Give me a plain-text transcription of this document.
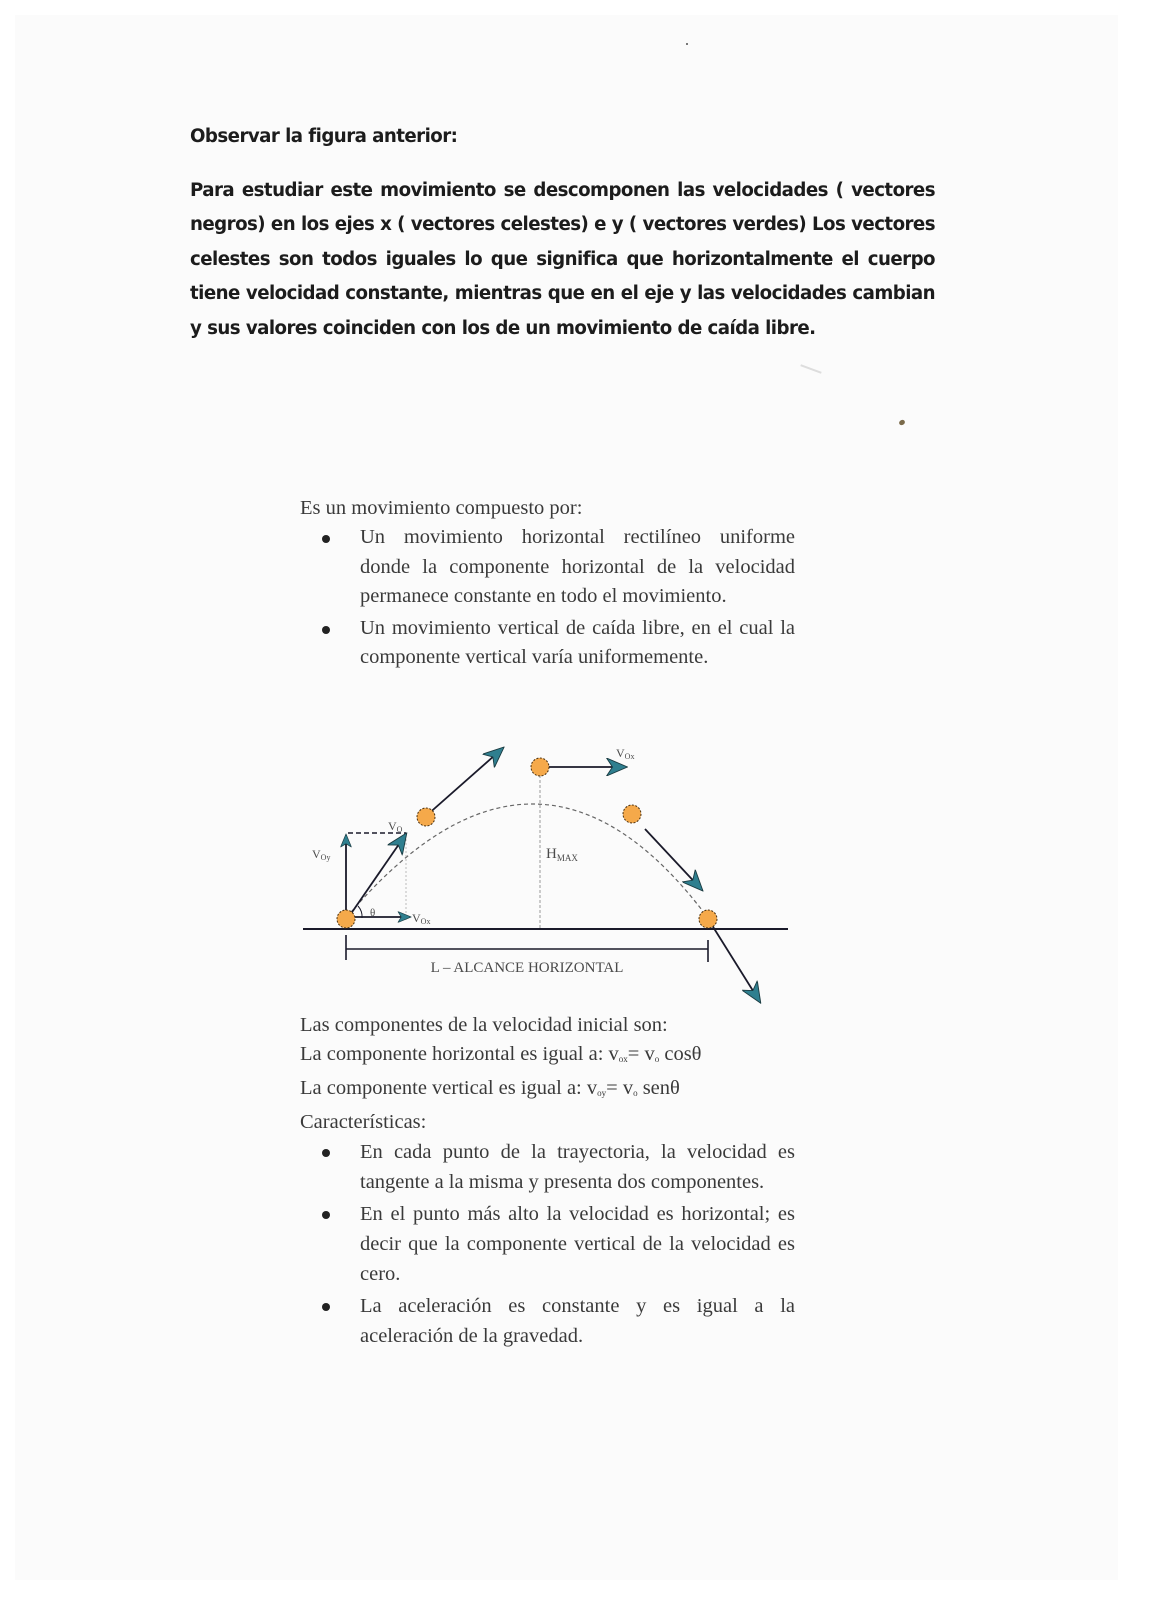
Observar la figura anterior:

Para estudiar este movimiento se descomponen las velocidades ( vectores negros) en los ejes x ( vectores celestes) e y ( vectores verdes) Los vectores celestes son todos iguales lo que significa que horizontalmente el cuerpo tiene velocidad constante, mientras que en el eje y las velocidades cambian y sus valores coinciden con los de un movimiento de caída libre.

Es un movimiento compuesto por:

Un movimiento horizontal rectilíneo uniforme donde la componente horizontal de la velocidad permanece constante en todo el movimiento.
Un movimiento vertical de caída libre, en el cual la componente vertical varía uniformemente.
L – ALCANCE HORIZONTAL
$H_{MAX}$
θ
VOy
VO
VOx
VOx

Las componentes de la velocidad inicial son:

La componente horizontal es igual a: $v_{ox}= v_o$ cosθ

La componente vertical es igual a: $v_{oy}= v_o$ senθ

Características:

En cada punto de la trayectoria, la velocidad es tangente a la misma y presenta dos componentes.
En el punto más alto la velocidad es horizontal; es decir que la componente vertical de la velocidad es cero.
La aceleración es constante y es igual a la aceleración de la gravedad.
